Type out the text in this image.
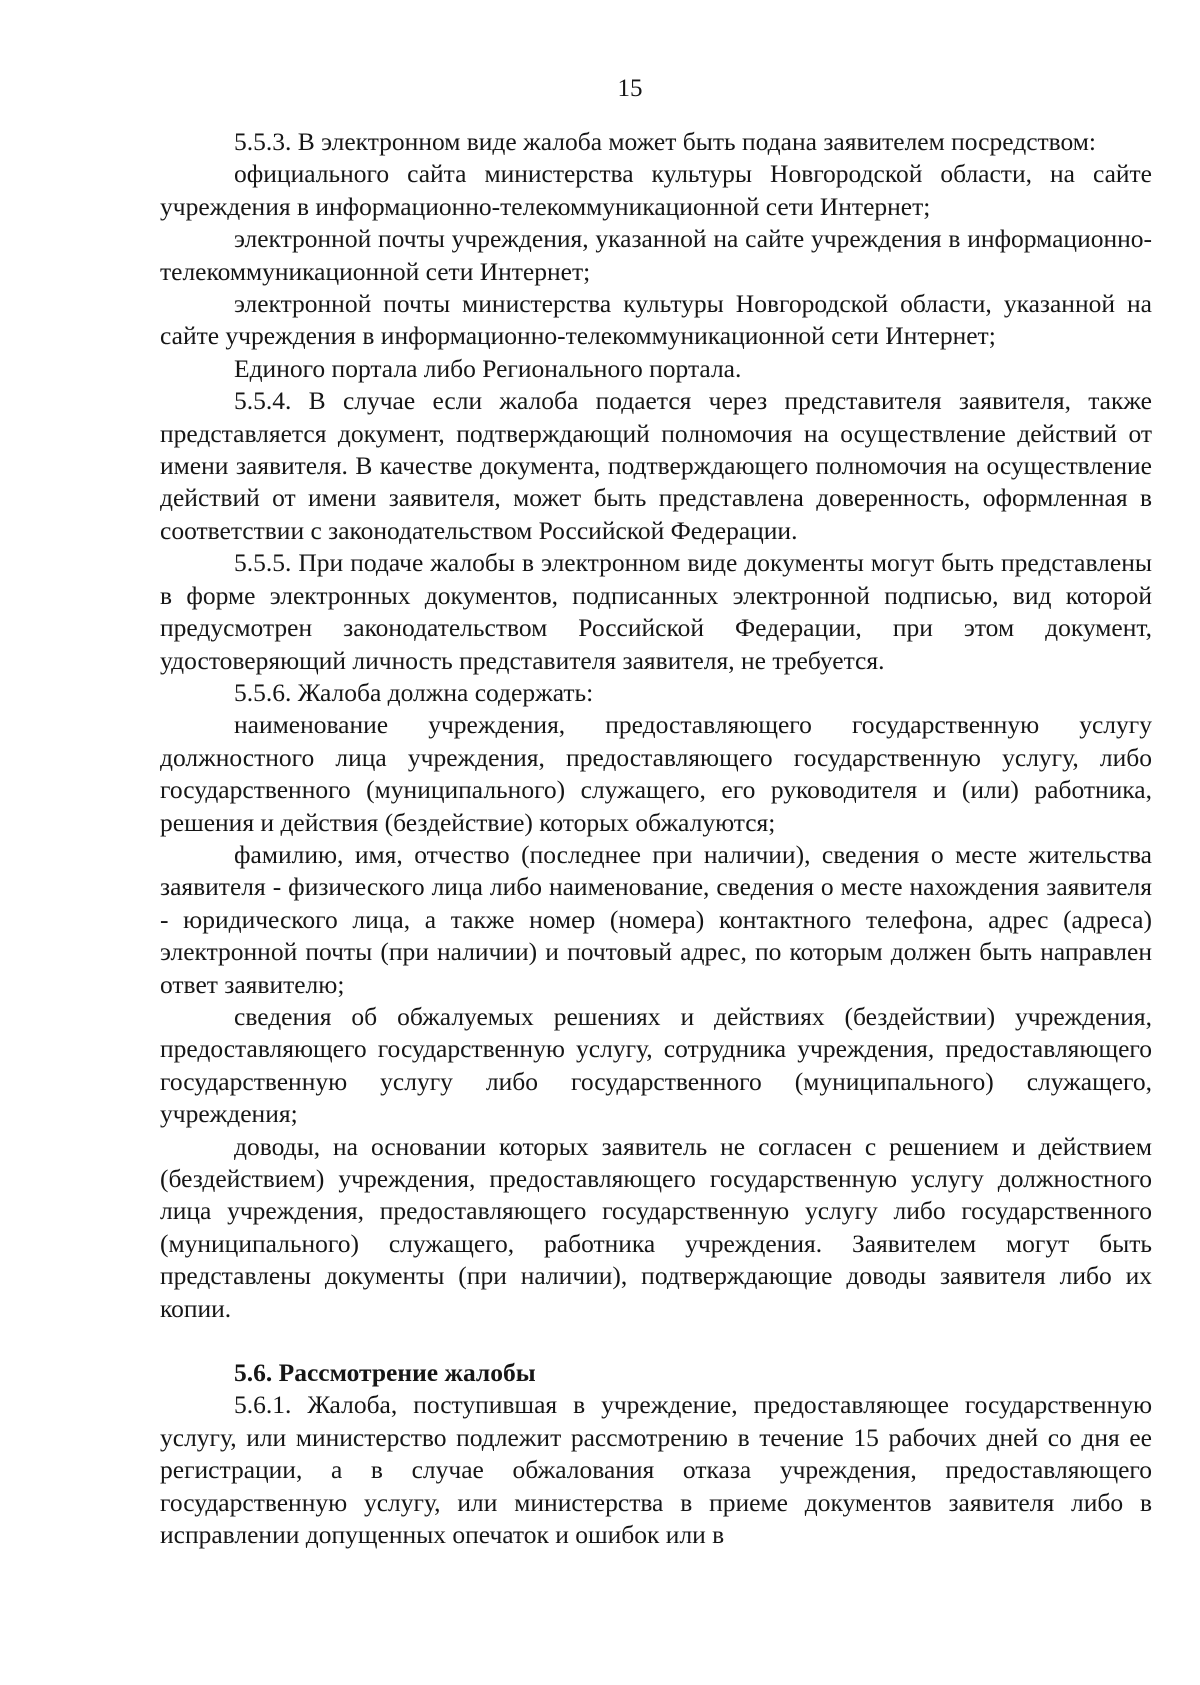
15

5.5.3. В электронном виде жалоба может быть подана заявителем посредством:

официального сайта министерства культуры Новгородской области, на сайте учреждения в информационно-телекоммуникационной сети Интернет;

электронной почты учреждения, указанной на сайте учреждения в информационно-телекоммуникационной сети Интернет;

электронной почты министерства культуры Новгородской области, указанной на сайте учреждения в информационно-телекоммуникационной сети Интернет;

Единого портала либо Регионального портала.

5.5.4. В случае если жалоба подается через представителя заявителя, также представляется документ, подтверждающий полномочия на осуществление действий от имени заявителя. В качестве документа, подтверждающего полномочия на осуществление действий от имени заявителя, может быть представлена доверенность, оформленная в соответствии с законодательством Российской Федерации.

5.5.5. При подаче жалобы в электронном виде документы могут быть представлены в форме электронных документов, подписанных электронной подписью, вид которой предусмотрен законодательством Российской Федерации, при этом документ, удостоверяющий личность представителя заявителя, не требуется.

5.5.6. Жалоба должна содержать:

наименование учреждения, предоставляющего государственную услугу должностного лица учреждения, предоставляющего государственную услугу, либо государственного (муниципального) служащего, его руководителя и (или) работника, решения и действия (бездействие) которых обжалуются;

фамилию, имя, отчество (последнее при наличии), сведения о месте жительства заявителя - физического лица либо наименование, сведения о месте нахождения заявителя - юридического лица, а также номер (номера) контактного телефона, адрес (адреса) электронной почты (при наличии) и почтовый адрес, по которым должен быть направлен ответ заявителю;

сведения об обжалуемых решениях и действиях (бездействии) учреждения, предоставляющего государственную услугу, сотрудника учреждения, предоставляющего государственную услугу либо государственного (муниципального) служащего, учреждения;

доводы, на основании которых заявитель не согласен с решением и действием (бездействием) учреждения, предоставляющего государственную услугу должностного лица учреждения, предоставляющего государственную услугу либо государственного (муниципального) служащего, работника учреждения. Заявителем могут быть представлены документы (при наличии), подтверждающие доводы заявителя либо их копии.

5.6. Рассмотрение жалобы

5.6.1. Жалоба, поступившая в учреждение, предоставляющее государственную услугу, или министерство подлежит рассмотрению в течение 15 рабочих дней со дня ее регистрации, а в случае обжалования отказа учреждения, предоставляющего государственную услугу, или министерства в приеме документов заявителя либо в исправлении допущенных опечаток и ошибок или в
